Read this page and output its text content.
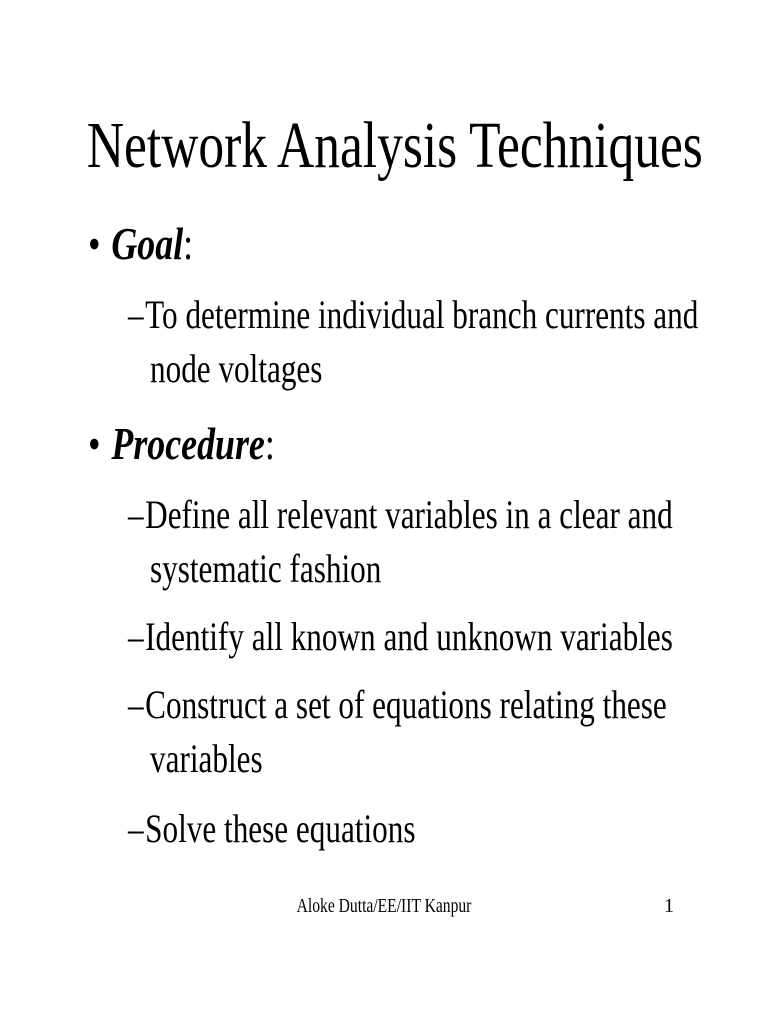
Network Analysis Techniques
• Goal:
–To determine individual branch currents and
node voltages
• Procedure:
–Define all relevant variables in a clear and
systematic fashion
–Identify all known and unknown variables
–Construct a set of equations relating these
variables
–Solve these equations
Aloke Dutta/EE/IIT Kanpur	1
